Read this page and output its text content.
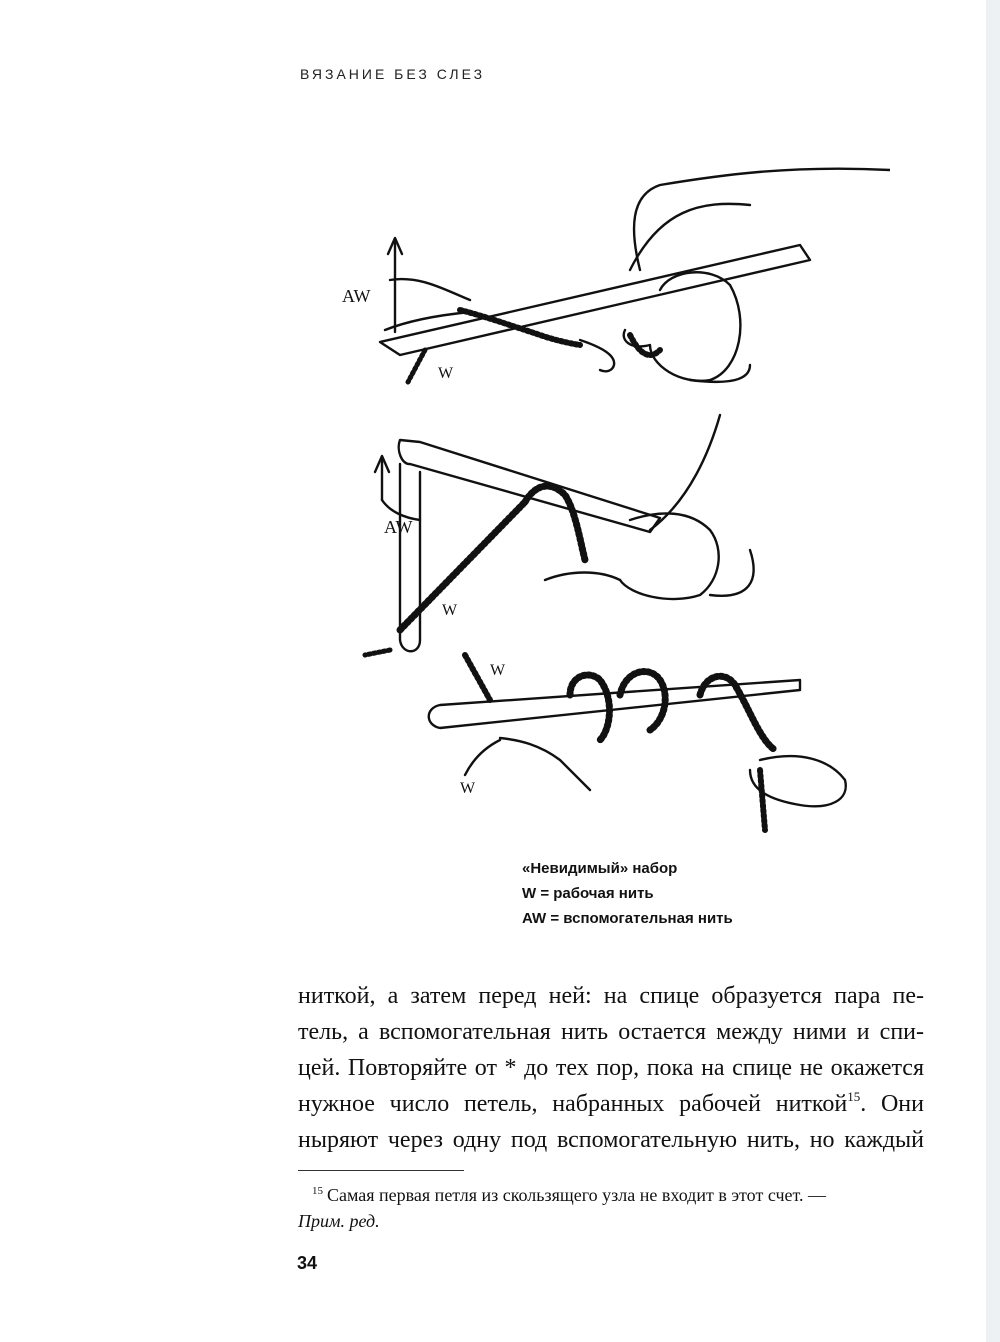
ВЯЗАНИЕ БЕЗ СЛЕЗ
AW
W
AW
W
W
W
«Невидимый» набор
W = рабочая нить
AW = вспомогательная нить
ниткой, а затем перед ней: на спице образуется пара пе-
тель, а вспомогательная нить остается между ними и спи-
цей. Повторяйте от * до тех пор, пока на спице не окажется
нужное число петель, набранных рабочей ниткой$^{15}$. Они
ныряют через одну под вспомогательную нить, но каждый
$^{15}$ Самая первая петля из скользящего узла не входит в этот счет. —
Прим. ред.
34
